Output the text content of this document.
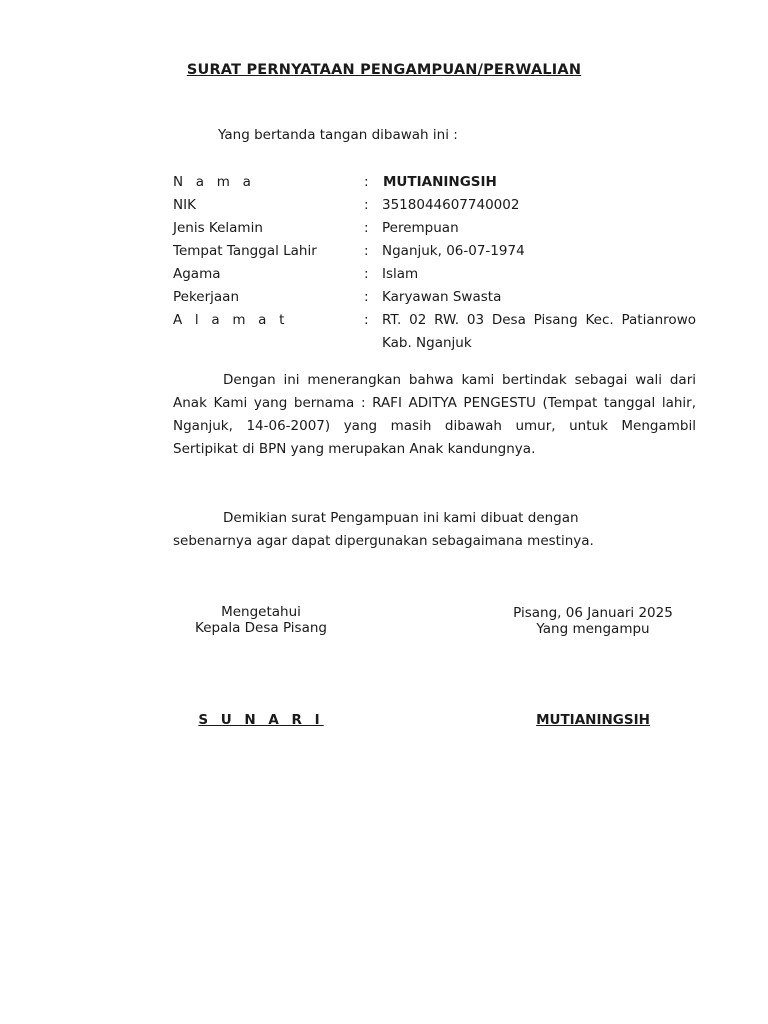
SURAT PERNYATAAN PENGAMPUAN/PERWALIAN
Yang bertanda tangan dibawah ini :
N a m a	:	MUTIANINGSIH
NIK	: 3518044607740002
Jenis Kelamin	: Perempuan
Tempat Tanggal Lahir	: Nganjuk, 06-07-1974
Agama	: Islam
Pekerjaan	: Karyawan Swasta
A l a m a t	: RT. 02 RW. 03 Desa Pisang Kec. Patianrowo Kab. Nganjuk
Dengan ini menerangkan bahwa kami bertindak sebagai wali dari Anak Kami yang bernama : RAFI ADITYA PENGESTU (Tempat tanggal lahir, Nganjuk, 14-06-2007) yang masih dibawah umur, untuk Mengambil Sertipikat di BPN yang merupakan Anak kandungnya.
Demikian surat Pengampuan ini kami dibuat dengan
sebenarnya agar dapat dipergunakan sebagaimana mestinya.
Mengetahui
Kepala Desa Pisang
Pisang, 06 Januari 2025
Yang mengampu
S U N A R I	MUTIANINGSIH
